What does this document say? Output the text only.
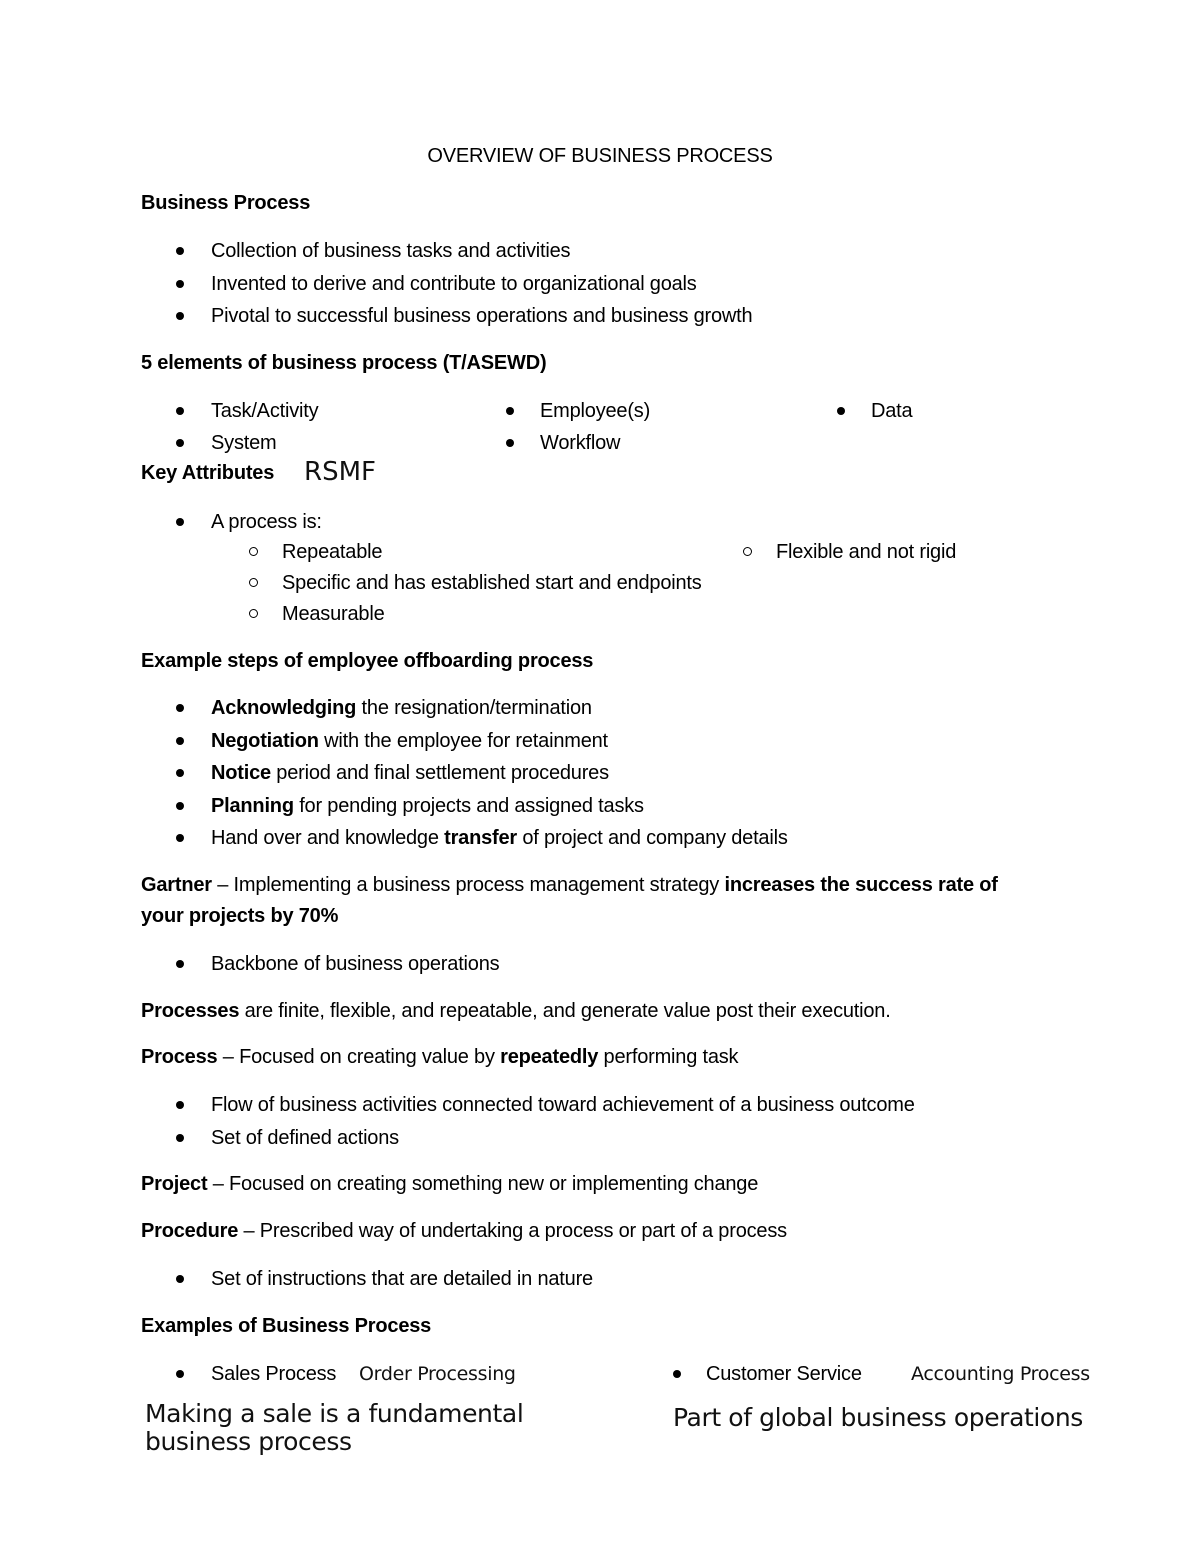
OVERVIEW OF BUSINESS PROCESS
Business Process
Collection of business tasks and activities
Invented to derive and contribute to organizational goals
Pivotal to successful business operations and business growth
5 elements of business process (T/ASEWD)
Task/Activity	Employee(s)	Data
System	Workflow
Key Attributes RSMF
A process is:
Repeatable	Flexible and not rigid
Specific and has established start and endpoints
Measurable
Example steps of employee offboarding process
Acknowledging the resignation/termination
Negotiation with the employee for retainment
Notice period and final settlement procedures
Planning for pending projects and assigned tasks
Hand over and knowledge transfer of project and company details
Gartner – Implementing a business process management strategy increases the success rate of
your projects by 70%
Backbone of business operations
Processes are finite, flexible, and repeatable, and generate value post their execution.
Process – Focused on creating value by repeatedly performing task
Flow of business activities connected toward achievement of a business outcome
Set of defined actions
Project – Focused on creating something new or implementing change
Procedure – Prescribed way of undertaking a process or part of a process
Set of instructions that are detailed in nature
Examples of Business Process
Sales Process Order Processing	Customer Service	Accounting Process
Making a sale is a fundamental
business process
Part of global business operations
